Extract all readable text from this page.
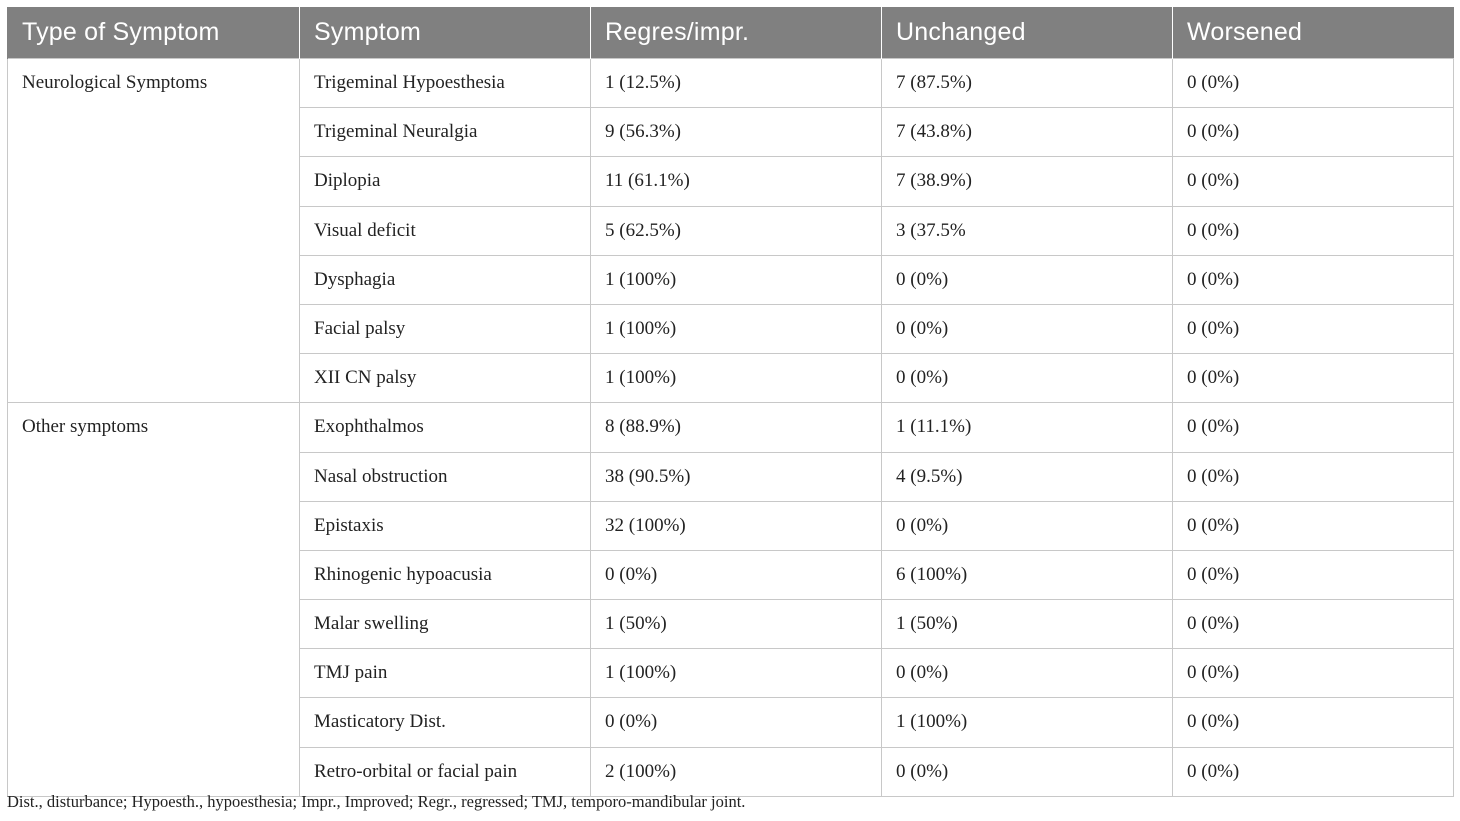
Type of Symptom	Symptom	Regres/impr.	Unchanged	Worsened
Neurological Symptoms	Trigeminal Hypoesthesia	1 (12.5%)	7 (87.5%)	0 (0%)
	Trigeminal Neuralgia	9 (56.3%)	7 (43.8%)	0 (0%)
	Diplopia	11 (61.1%)	7 (38.9%)	0 (0%)
	Visual deficit	5 (62.5%)	3 (37.5%	0 (0%)
	Dysphagia	1 (100%)	0 (0%)	0 (0%)
	Facial palsy	1 (100%)	0 (0%)	0 (0%)
	XII CN palsy	1 (100%)	0 (0%)	0 (0%)
Other symptoms	Exophthalmos	8 (88.9%)	1 (11.1%)	0 (0%)
	Nasal obstruction	38 (90.5%)	4 (9.5%)	0 (0%)
	Epistaxis	32 (100%)	0 (0%)	0 (0%)
	Rhinogenic hypoacusia	0 (0%)	6 (100%)	0 (0%)
	Malar swelling	1 (50%)	1 (50%)	0 (0%)
	TMJ pain	1 (100%)	0 (0%)	0 (0%)
	Masticatory Dist.	0 (0%)	1 (100%)	0 (0%)
	Retro-orbital or facial pain	2 (100%)	0 (0%)	0 (0%)
Dist., disturbance; Hypoesth., hypoesthesia; Impr., Improved; Regr., regressed; TMJ, temporo-mandibular joint.
